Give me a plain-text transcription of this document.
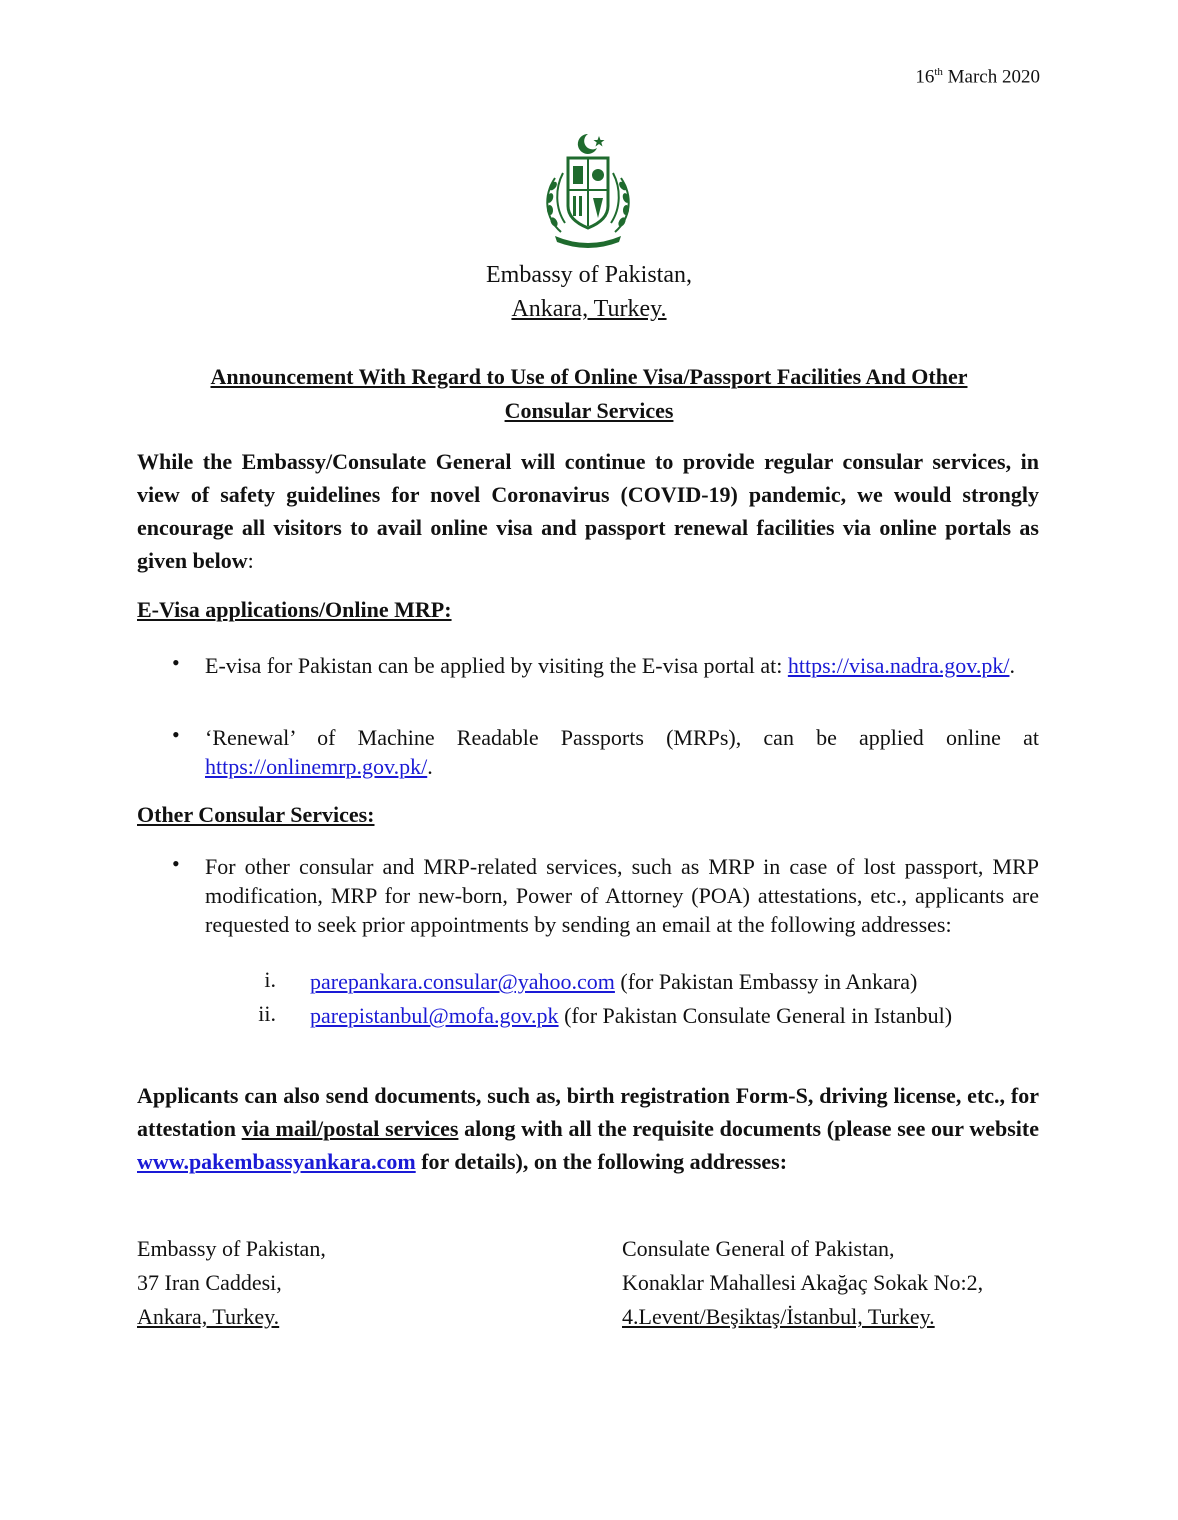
16th March 2020
Embassy of Pakistan,
Ankara, Turkey.
Announcement With Regard to Use of Online Visa/Passport Facilities And Other
Consular Services
While the Embassy/Consulate General will continue to provide regular consular services, in view of safety guidelines for novel Coronavirus (COVID-19) pandemic, we would strongly encourage all visitors to avail online visa and passport renewal facilities via online portals as given below:
E-Visa applications/Online MRP:
• E-visa for Pakistan can be applied by visiting the E-visa portal at: https://visa.nadra.gov.pk/.
• ‘Renewal’ of Machine Readable Passports (MRPs), can be applied online at https://onlinemrp.gov.pk/.
Other Consular Services:
• For other consular and MRP-related services, such as MRP in case of lost passport, MRP modification, MRP for new-born, Power of Attorney (POA) attestations, etc., applicants are requested to seek prior appointments by sending an email at the following addresses:
i. parepankara.consular@yahoo.com (for Pakistan Embassy in Ankara)
ii. parepistanbul@mofa.gov.pk (for Pakistan Consulate General in Istanbul)
Applicants can also send documents, such as, birth registration Form-S, driving license, etc., for attestation via mail/postal services along with all the requisite documents (please see our website www.pakembassyankara.com for details), on the following addresses:
Embassy of Pakistan,
37 Iran Caddesi,
Ankara, Turkey.
Consulate General of Pakistan,
Konaklar Mahallesi Akağaç Sokak No:2,
4.Levent/Beşiktaş/İstanbul, Turkey.
